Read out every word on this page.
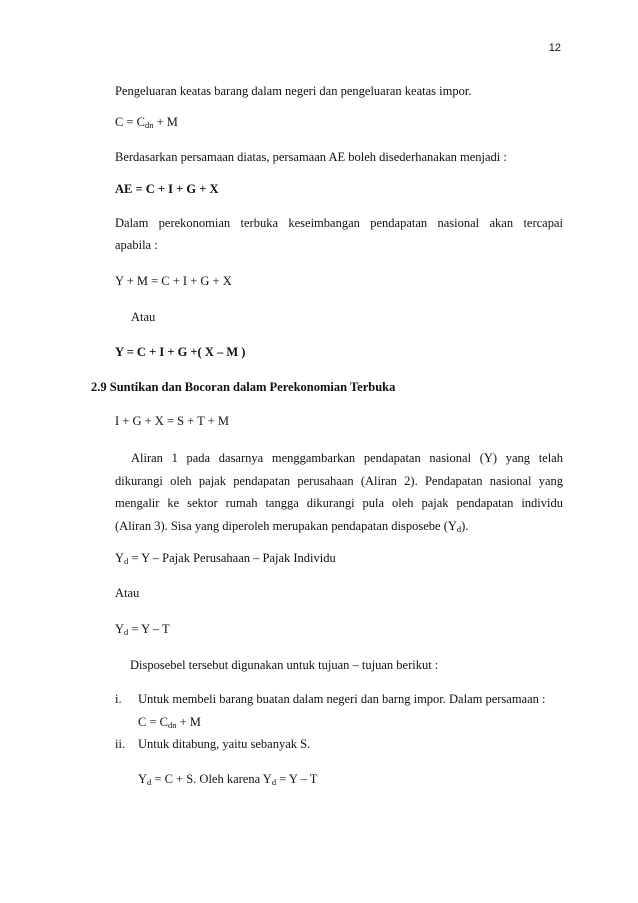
12
Pengeluaran keatas barang dalam negeri dan pengeluaran keatas impor.
$C = C_{dn} + M$
Berdasarkan persamaan diatas, persamaan AE boleh disederhanakan menjadi :
AE = C + I + G + X
Dalam perekonomian terbuka keseimbangan pendapatan nasional akan tercapai
apabila :
Y + M = C + I + G + X
Atau
Y = C + I + G +( X – M )
2.9 Suntikan dan Bocoran dalam Perekonomian Terbuka
I + G + X = S + T + M
Aliran 1 pada dasarnya menggambarkan pendapatan nasional (Y) yang telah
dikurangi oleh pajak pendapatan perusahaan (Aliran 2). Pendapatan nasional yang
mengalir ke sektor rumah tangga dikurangi pula oleh pajak pendapatan individu
(Aliran 3). Sisa yang diperoleh merupakan pendapatan disposebe $(Y_d)$.
$Y_d = Y$ – Pajak Perusahaan – Pajak Individu
Atau
$Y_d = Y - T$
Disposebel tersebut digunakan untuk tujuan – tujuan berikut :
i. Untuk membeli barang buatan dalam negeri dan barng impor. Dalam persamaan :
$C = C_{dn} + M$
ii. Untuk ditabung, yaitu sebanyak S.
$Y_d = C + S$. Oleh karena $Y_d = Y - T$
